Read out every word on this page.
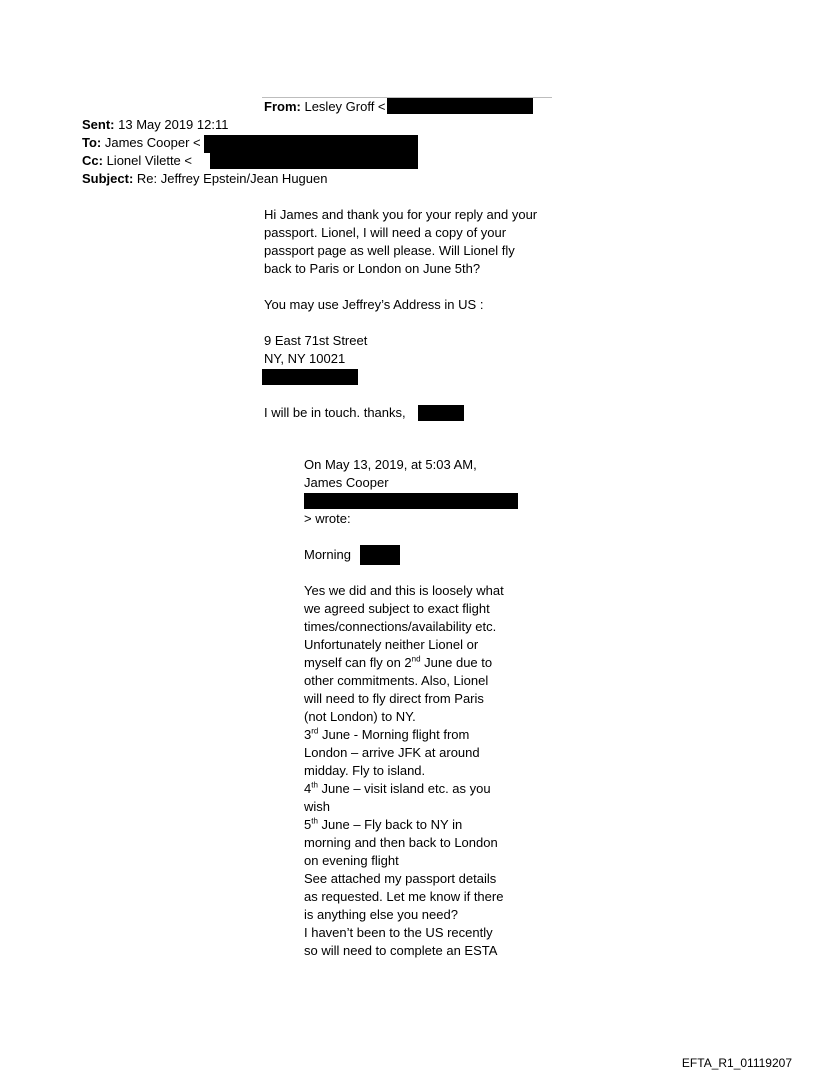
From: Lesley Groff <
Sent: 13 May 2019 12:11
To: James Cooper <
Cc: Lionel Vilette <
Subject: Re: Jeffrey Epstein/Jean Huguen
Hi James and thank you for your reply and your
passport. Lionel, I will need a copy of your
passport page as well please. Will Lionel fly
back to Paris or London on June 5th?
You may use Jeffrey’s Address in US :
9 East 71st Street
NY, NY 10021
I will be in touch. thanks,
On May 13, 2019, at 5:03 AM,
James Cooper
> wrote:
Morning
Yes we did and this is loosely what
we agreed subject to exact flight
times/connections/availability etc.
Unfortunately neither Lionel or
myself can fly on 2nd June due to
other commitments. Also, Lionel
will need to fly direct from Paris
(not London) to NY.
3rd June - Morning flight from
London – arrive JFK at around
midday. Fly to island.
4th June – visit island etc. as you
wish
5th June – Fly back to NY in
morning and then back to London
on evening flight
See attached my passport details
as requested. Let me know if there
is anything else you need?
I haven’t been to the US recently
so will need to complete an ESTA
EFTA_R1_01119207
